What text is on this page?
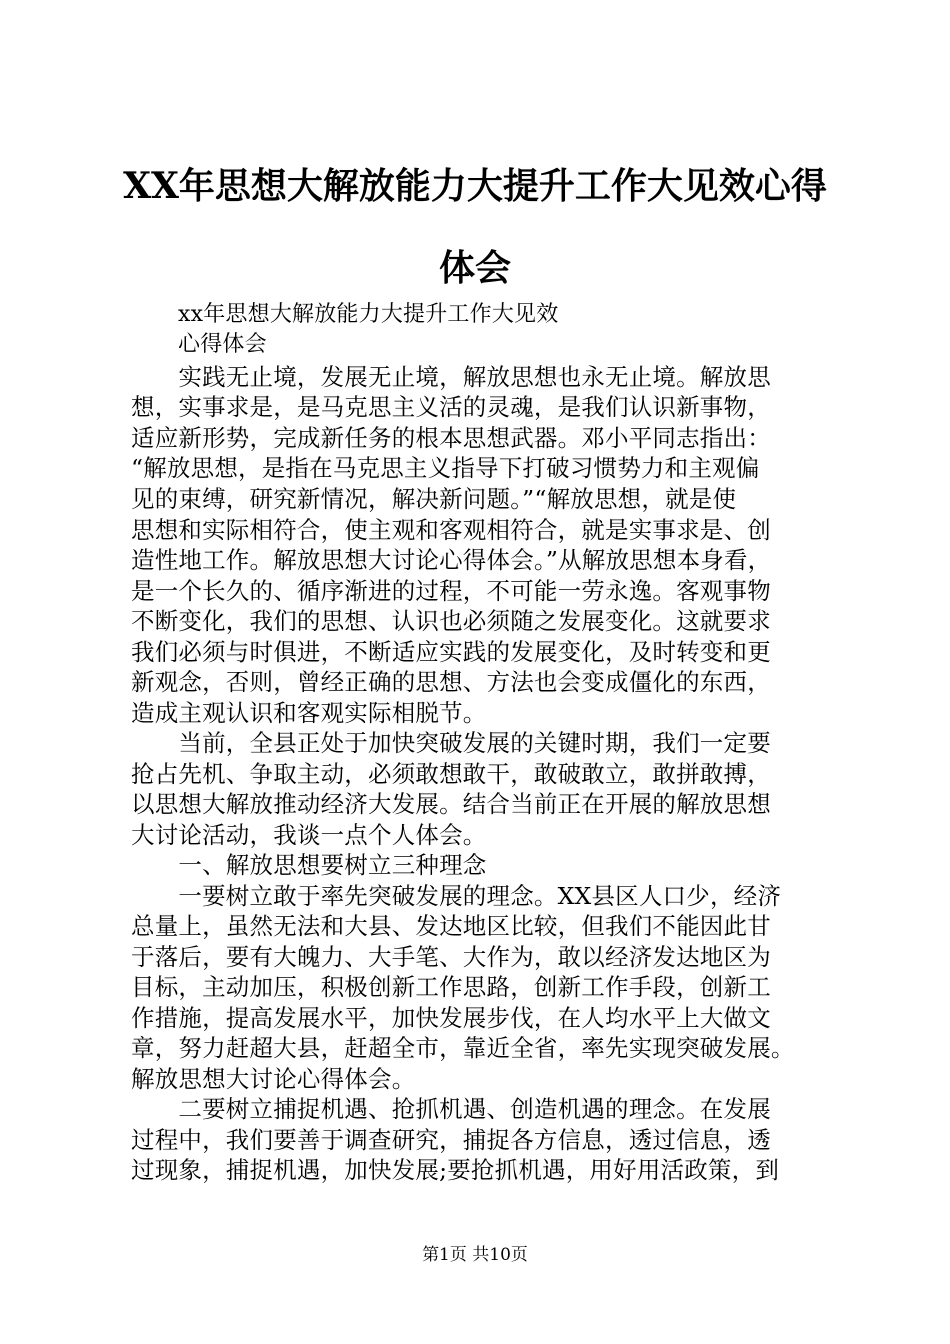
XX年思想大解放能力大提升工作大见效心得
体会
xx年思想大解放能力大提升工作大见效
心得体会
　　实践无止境，发展无止境，解放思想也永无止境。解放思
想，实事求是，是马克思主义活的灵魂，是我们认识新事物，
适应新形势，完成新任务的根本思想武器。邓小平同志指出：
“解放思想，是指在马克思主义指导下打破习惯势力和主观偏
见的束缚，研究新情况，解决新问题。”“解放思想，就是使
思想和实际相符合，使主观和客观相符合，就是实事求是、创
造性地工作。解放思想大讨论心得体会。”从解放思想本身看，
是一个长久的、循序渐进的过程，不可能一劳永逸。客观事物
不断变化，我们的思想、认识也必须随之发展变化。这就要求
我们必须与时俱进，不断适应实践的发展变化，及时转变和更
新观念，否则，曾经正确的思想、方法也会变成僵化的东西，
造成主观认识和客观实际相脱节。
　　当前，全县正处于加快突破发展的关键时期，我们一定要
抢占先机、争取主动，必须敢想敢干，敢破敢立，敢拼敢搏，
以思想大解放推动经济大发展。结合当前正在开展的解放思想
大讨论活动，我谈一点个人体会。
　　一、解放思想要树立三种理念
　　一要树立敢于率先突破发展的理念。XX县区人口少，经济
总量上，虽然无法和大县、发达地区比较，但我们不能因此甘
于落后，要有大魄力、大手笔、大作为，敢以经济发达地区为
目标，主动加压，积极创新工作思路，创新工作手段，创新工
作措施，提高发展水平，加快发展步伐，在人均水平上大做文
章，努力赶超大县，赶超全市，靠近全省，率先实现突破发展。
解放思想大讨论心得体会。
　　二要树立捕捉机遇、抢抓机遇、创造机遇的理念。在发展
过程中，我们要善于调查研究，捕捉各方信息，透过信息，透
过现象，捕捉机遇，加快发展;要抢抓机遇，用好用活政策，到
第1页 共10页
